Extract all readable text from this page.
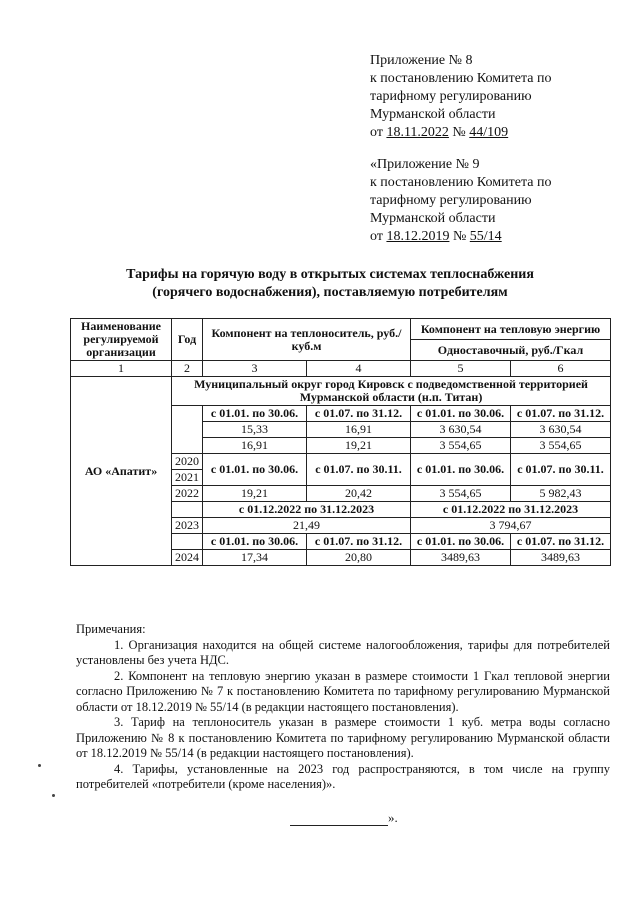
Приложение № 8
к постановлению Комитета по
тарифному регулированию
Мурманской области
от 18.11.2022 № 44/109
«Приложение № 9
к постановлению Комитета по
тарифному регулированию
Мурманской области
от 18.12.2019 № 55/14
Тарифы на горячую воду в открытых системах теплоснабжения
(горячего водоснабжения), поставляемую потребителям
Наименование регулируемой организации	Год	Компонент на теплоноситель, руб./куб.м		Компонент на тепловую энергию	
				Одноставочный, руб./Гкал	
1	2	3	4	5	6
АО «Апатит»	Муниципальный округ город Кировск с подведомственной территорией Мурманской области (н.п. Титан)				
		с 01.01. по 30.06.	с 01.07. по 31.12.	с 01.01. по 30.06.	с 01.07. по 31.12.
		15,33	16,91	3 630,54	3 630,54
		16,91	19,21	3 554,65	3 554,65
	2020	с 01.01. по 30.06.	с 01.07. по 30.11.	с 01.01. по 30.06.	с 01.07. по 30.11.
	2021				
	2022	19,21	20,42	3 554,65	5 982,43
		с 01.12.2022 по 31.12.2023		с 01.12.2022 по 31.12.2023	
	2023	21,49		3 794,67	
		с 01.01. по 30.06.	с 01.07. по 31.12.	с 01.01. по 30.06.	с 01.07. по 31.12.
	2024	17,34	20,80	3489,63	3489,63

Примечания:

1. Организация находится на общей системе налогообложения, тарифы для потребителей установлены без учета НДС.

2. Компонент на тепловую энергию указан в размере стоимости 1 Гкал тепловой энергии согласно Приложению № 7 к постановлению Комитета по тарифному регулированию Мурманской области от 18.12.2019 № 55/14 (в редакции настоящего постановления).

3. Тариф на теплоноситель указан в размере стоимости 1 куб. метра воды согласно Приложению № 8 к постановлению Комитета по тарифному регулированию Мурманской области от 18.12.2019 № 55/14 (в редакции настоящего постановления).

4. Тарифы, установленные на 2023 год распространяются, в том числе на группу потребителей «потребители (кроме населения)».

».
